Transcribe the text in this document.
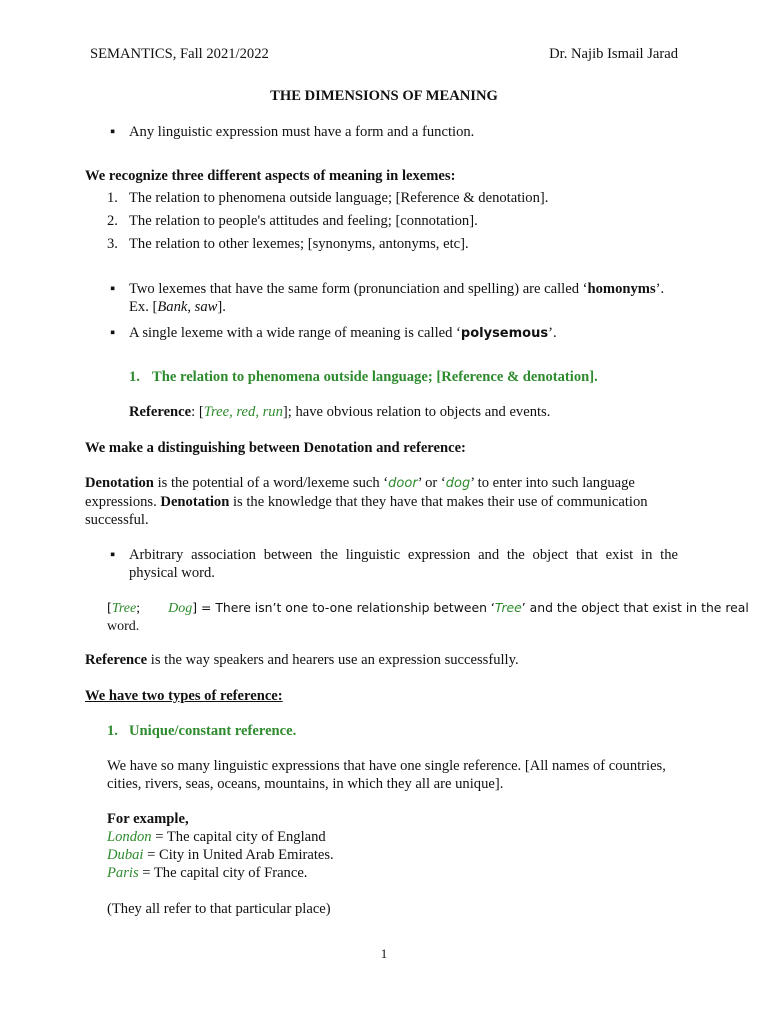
SEMANTICS, Fall 2021/2022	Dr. Najib Ismail Jarad
THE DIMENSIONS OF MEANING
▪ Any linguistic expression must have a form and a function.
We recognize three different aspects of meaning in lexemes:
1. The relation to phenomena outside language; [Reference & denotation].
2. The relation to people's attitudes and feeling; [connotation].
3. The relation to other lexemes; [synonyms, antonyms, etc].
▪ Two lexemes that have the same form (pronunciation and spelling) are called ‘homonyms’.
Ex. [Bank, saw].
▪ A single lexeme with a wide range of meaning is called ‘polysemous’.
1. The relation to phenomena outside language; [Reference & denotation].
Reference: [Tree, red, run]; have obvious relation to objects and events.
We make a distinguishing between Denotation and reference:
Denotation is the potential of a word/lexeme such ‘door’ or ‘dog’ to enter into such language
expressions. Denotation is the knowledge that they have that makes their use of communication
successful.
▪ Arbitrary association between the linguistic expression and the object that exist in the
physical word.
[Tree; Dog] = There isn’t one to-one relationship between ‘Tree’ and the object that exist in the real
word.
Reference is the way speakers and hearers use an expression successfully.
We have two types of reference:
1. Unique/constant reference.
We have so many linguistic expressions that have one single reference. [All names of countries,
cities, rivers, seas, oceans, mountains, in which they all are unique].
For example,
London = The capital city of England
Dubai = City in United Arab Emirates.
Paris = The capital city of France.
(They all refer to that particular place)
1
